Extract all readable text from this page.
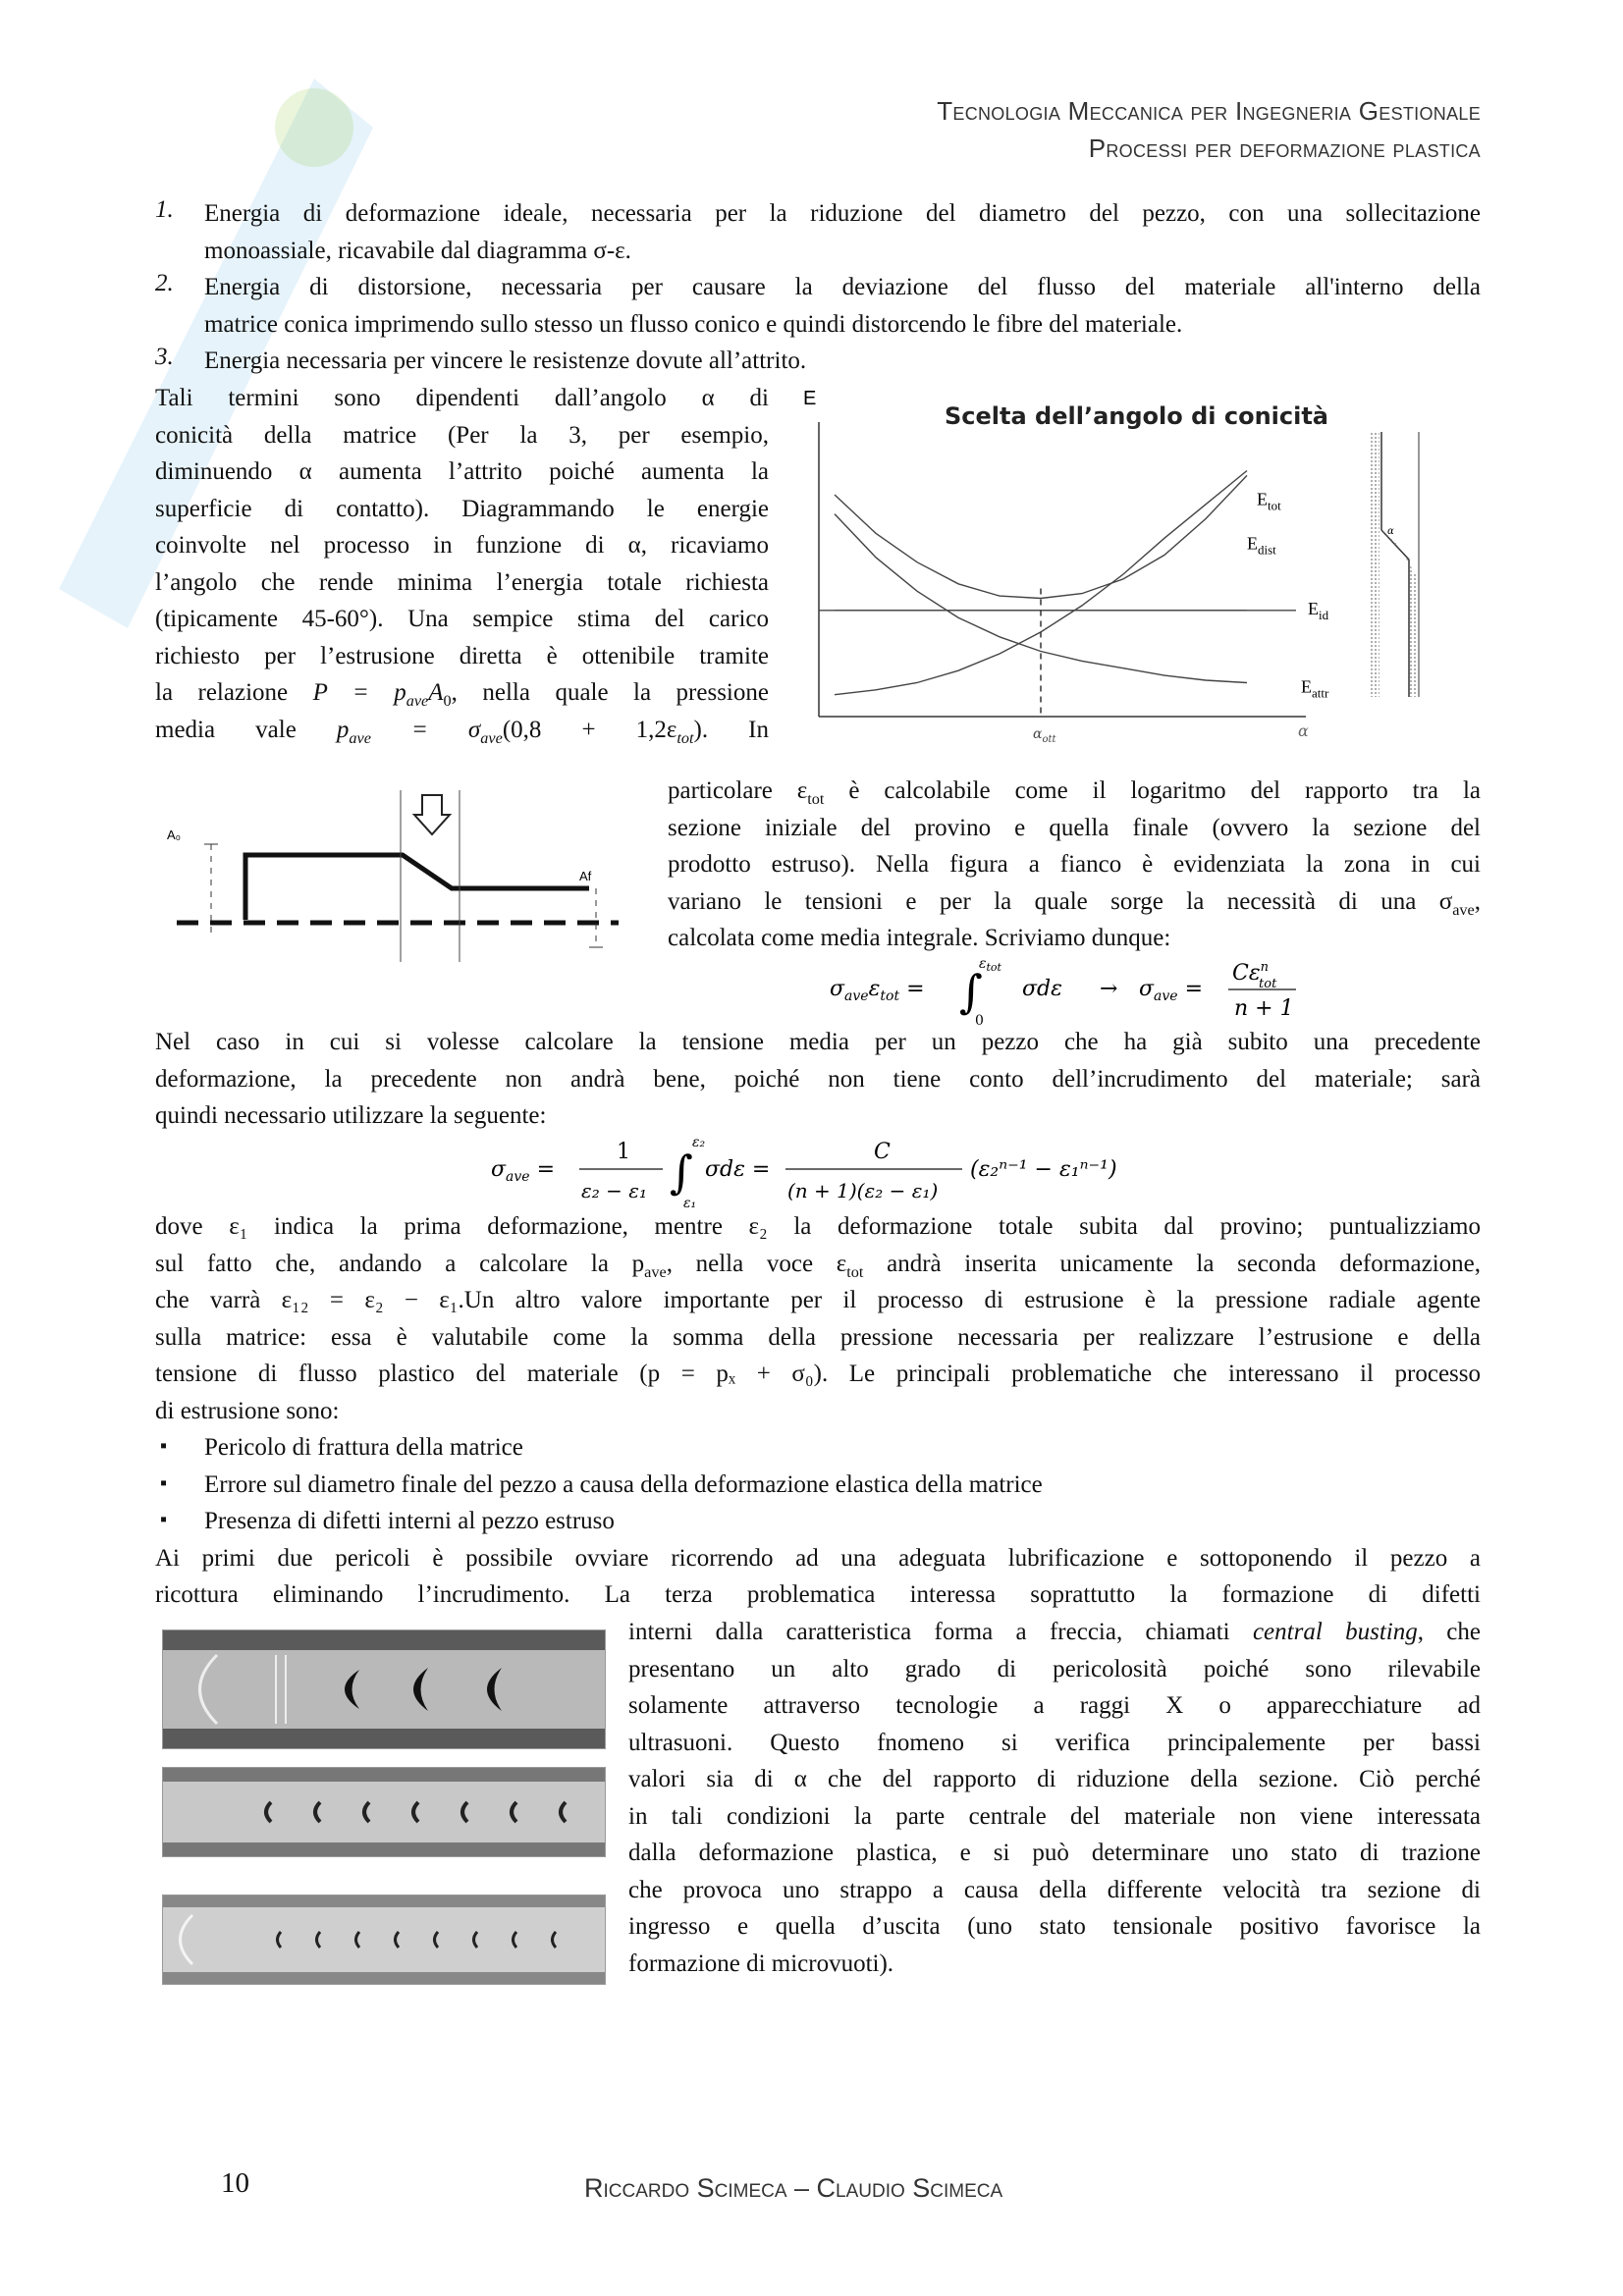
Tecnologia Meccanica per Ingegneria Gestionale
Processi per deformazione plastica
1. Energia di deformazione ideale, necessaria per la riduzione del diametro del pezzo, con una sollecitazione
monoassiale, ricavabile dal diagramma σ-ε.
2. Energia di distorsione, necessaria per causare la deviazione del flusso del materiale all'interno della
matrice conica imprimendo sullo stesso un flusso conico e quindi distorcendo le fibre del materiale.
3. Energia necessaria per vincere le resistenze dovute all’attrito.
Tali termini sono dipendenti dall’angolo α di
conicità della matrice (Per la 3, per esempio,
diminuendo α aumenta l’attrito poiché aumenta la
superficie di contatto). Diagrammando le energie
coinvolte nel processo in funzione di α, ricaviamo
l’angolo che rende minima l’energia totale richiesta
(tipicamente 45-60°). Una sempice stima del carico
richiesto per l’estrusione diretta è ottenibile tramite
la relazione $P = p_{ave}A_0$, nella quale la pressione
media vale $p_{ave} = \sigma_{ave}(0,8 + 1,2\varepsilon_{tot})$. In
E
Scelta dell’angolo di conicità
α
$\alpha_{ott}$
$E_{tot}$
$E_{dist}$
$E_{id}$
$E_{attr}$
α
A₀
Af
particolare $\varepsilon_{tot}$ è calcolabile come il logaritmo del rapporto tra la
sezione iniziale del provino e quella finale (ovvero la sezione del
prodotto estruso). Nella figura a fianco è evidenziata la zona in cui
variano le tensioni e per la quale sorge la necessità di una $\sigma_{ave}$,
calcolata come media integrale. Scriviamo dunque:
$\sigma_{ave}\varepsilon_{tot}$ = ∫
$\varepsilon_{tot}$
0
$\sigma d\varepsilon \to \sigma_{ave}$ =
$C\varepsilon^n$ tot
n + 1
Nel caso in cui si volesse calcolare la tensione media per un pezzo che ha già subito una precedente
deformazione, la precedente non andrà bene, poiché non tiene conto dell’incrudimento del materiale; sarà
quindi necessario utilizzare la seguente:
$\sigma_{ave}$ =
1
ε₂ − ε₁ ∫
ε₂
ε₁
σdε =
C
(n + 1)(ε₂ − ε₁)
(ε₂ⁿ⁻¹ − ε₁ⁿ⁻¹)
dove ε₁ indica la prima deformazione, mentre ε₂ la deformazione totale subita dal provino; puntualizziamo
sul fatto che, andando a calcolare la $p_{ave}$, nella voce $\varepsilon_{tot}$ andrà inserita unicamente la seconda deformazione,
che varrà ε₁₂ = ε₂ − ε₁.Un altro valore importante per il processo di estrusione è la pressione radiale agente
sulla matrice: essa è valutabile come la somma della pressione necessaria per realizzare l’estrusione e della
tensione di flusso plastico del materiale (p = pₓ + σ₀). Le principali problematiche che interessano il processo
di estrusione sono:
▪ Pericolo di frattura della matrice
▪ Errore sul diametro finale del pezzo a causa della deformazione elastica della matrice
▪ Presenza di difetti interni al pezzo estruso
Ai primi due pericoli è possibile ovviare ricorrendo ad una adeguata lubrificazione e sottoponendo il pezzo a
ricottura eliminando l’incrudimento. La terza problematica interessa soprattutto la formazione di difetti
interni dalla caratteristica forma a freccia, chiamati central busting, che
presentano un alto grado di pericolosità poiché sono rilevabile
solamente attraverso tecnologie a raggi X o apparecchiature ad
ultrasuoni. Questo fnomeno si verifica principalemente per bassi
valori sia di α che del rapporto di riduzione della sezione. Ciò perché
in tali condizioni la parte centrale del materiale non viene interessata
dalla deformazione plastica, e si può determinare uno stato di trazione
che provoca uno strappo a causa della differente velocità tra sezione di
ingresso e quella d’uscita (uno stato tensionale positivo favorisce la
formazione di microvuoti).
10	Riccardo Scimeca – Claudio Scimeca
